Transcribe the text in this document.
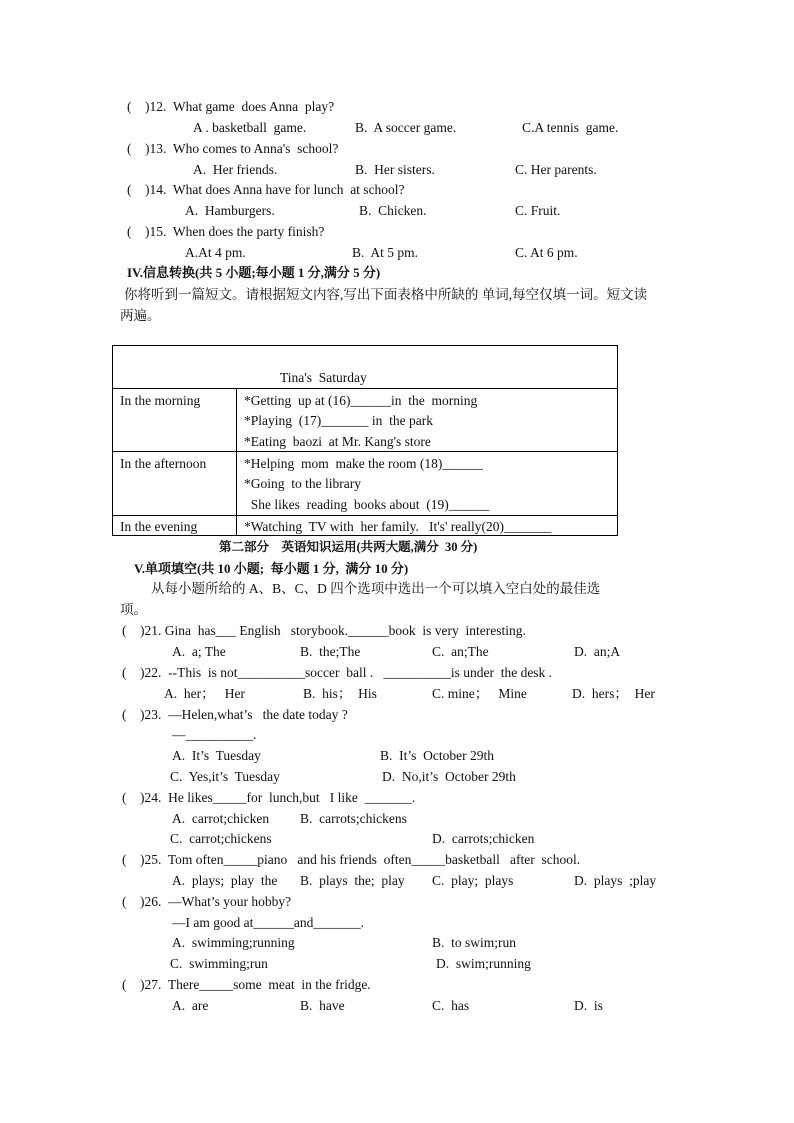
(    )12.  What game  does Anna  play?
A . basketball  game.	B.  A soccer game.	C.A tennis  game.
(    )13.  Who comes to Anna's  school?
A.  Her friends.	B.  Her sisters.	C. Her parents.
(    )14.  What does Anna have for lunch  at school?
A.  Hamburgers.	B.  Chicken.	C. Fruit.
(    )15.  When does the party finish?
A.At 4 pm.	B.  At 5 pm.	C. At 6 pm.
IV.信息转换(共 5 小题;每小题 1 分,满分 5 分)
你将听到一篇短文。请根据短文内容,写出下面表格中所缺的 单词,每空仅填一词。短文读
两遍。
Tina's  Saturday
In the morning	*Getting  up at (16)______in  the  morning
*Playing  (17)_______ in  the park
*Eating  baozi  at Mr. Kang's store
In the afternoon	*Helping  mom  make the room (18)______
*Going  to the library
She likes  reading  books about  (19)______
In the evening	*Watching  TV with  her family.   It's' really(20)_______
第二部分    英语知识运用(共两大题,满分  30 分)
V.单项填空(共 10 小题;  每小题 1 分,  满分 10 分)
从每小题所给的 A、B、C、D 四个选项中选出一个可以填入空白处的最佳选
项。
(    )21. Gina  has___ English   storybook.______book  is very  interesting.
A.  a; The	B.  the;The	C.  an;The	D.  an;A
(    )22.  --This  is not__________soccer  ball .   __________is under  the desk .
A.  her；   Her	B.  his；  His	C. mine；   Mine	D.  hers；  Her
(    )23.  —Helen,what’s   the date today ?
—__________.
A.  It’s  Tuesday	B.  It’s  October 29th
C.  Yes,it’s  Tuesday	D.  No,it’s  October 29th
(    )24.  He likes_____for  lunch,but   I like  _______.
A.  carrot;chicken B.  carrots;chickens
C.  carrot;chickens	D.  carrots;chicken
(    )25.  Tom often_____piano   and his friends  often_____basketball   after  school.
A.  plays;  play  the B.  plays  the;  play C.  play;  plays	D.  plays  ;play
(    )26.  —What’s your hobby?
—I am good at______and_______.
A.  swimming;running	B.  to swim;run
C.  swimming;run	D.  swim;running
(    )27.  There_____some  meat  in the fridge.
A.  are	B.  have	C.  has	D.  is
